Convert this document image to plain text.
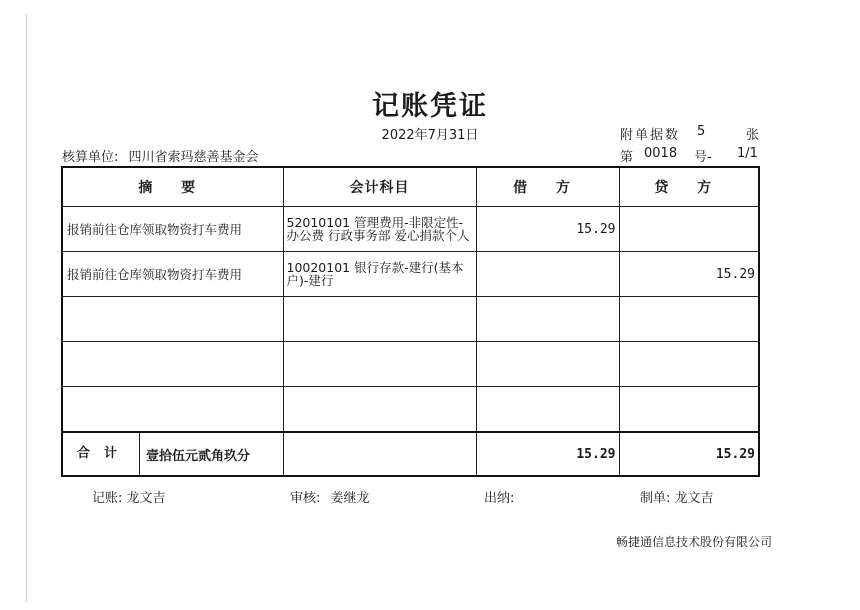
记账凭证
2022年7月31日	附单据数 5	张
核算单位: 四川省索玛慈善基金会	第 0018 号- 1/1
摘 要	会计科目	借 方	贷 方
报销前往仓库领取物资打车费用	52010101 管理费用-非限定性-办公费 行政事务部 爱心捐款个人	15.29	
报销前往仓库领取物资打车费用	10020101 银行存款-建行(基本户)-建行		15.29

合计 壹拾伍元贰角玖分		15.29	15.29
记账: 龙文吉	审核: 姜继龙	出纳:	制单: 龙文吉
畅捷通信息技术股份有限公司
